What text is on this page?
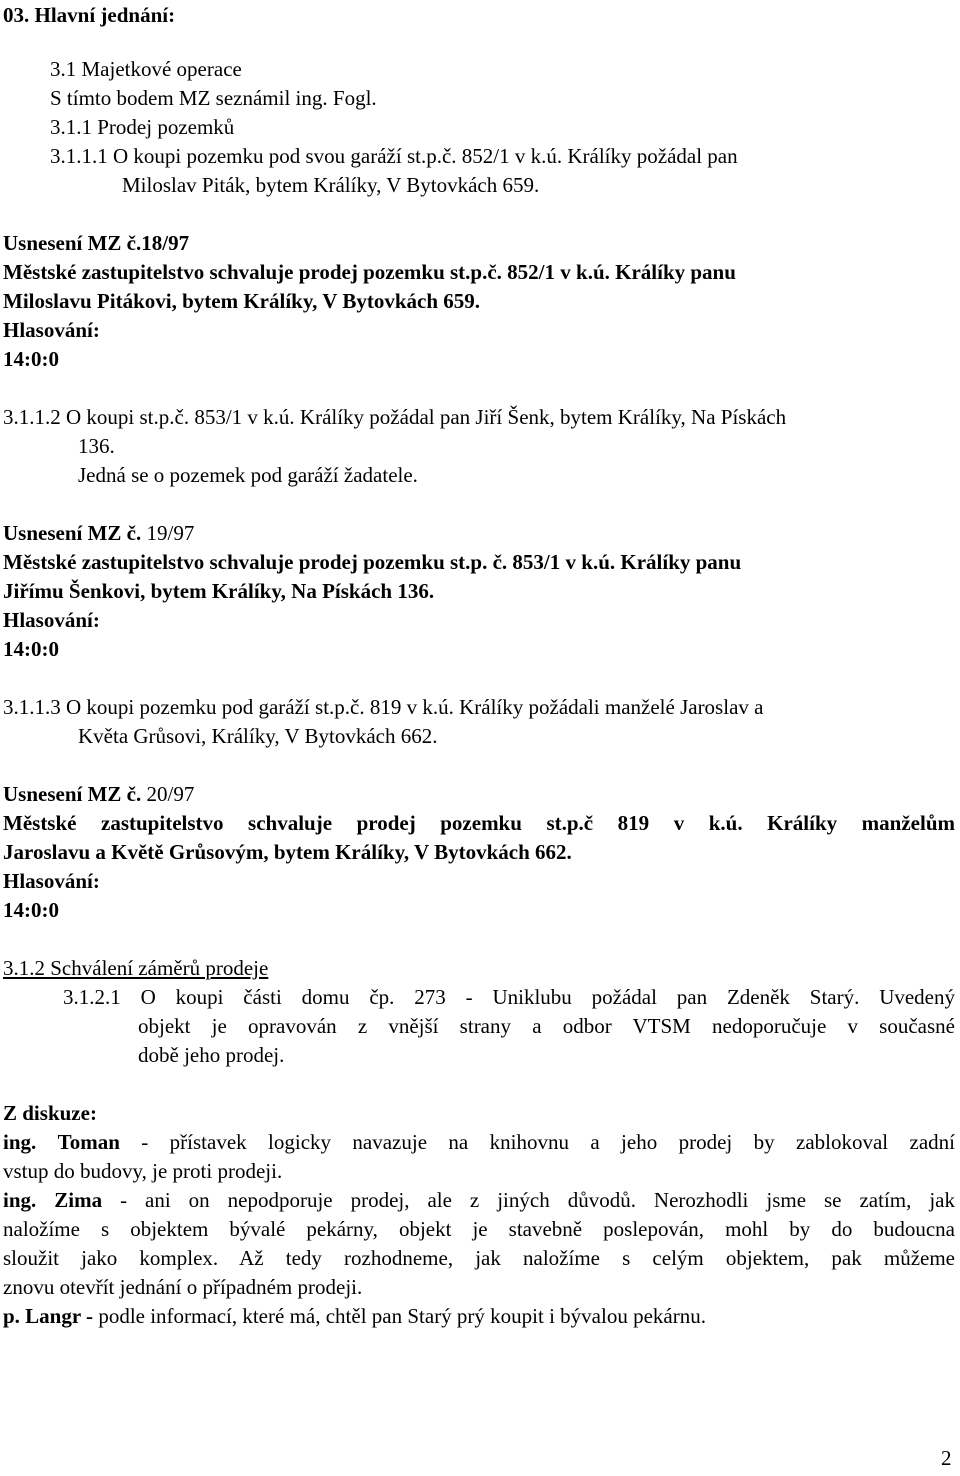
03. Hlavní jednání:
3.1 Majetkové operace
S tímto bodem MZ seznámil ing. Fogl.
3.1.1 Prodej pozemků
3.1.1.1 O koupi pozemku pod svou garáží st.p.č. 852/1 v k.ú. Králíky požádal pan
Miloslav Piták, bytem Králíky, V Bytovkách 659.
Usnesení MZ č.18/97
Městské zastupitelstvo schvaluje prodej pozemku st.p.č. 852/1 v k.ú. Králíky panu
Miloslavu Pitákovi, bytem Králíky, V Bytovkách 659.
Hlasování:
14:0:0
3.1.1.2 O koupi st.p.č. 853/1 v k.ú. Králíky požádal pan Jiří Šenk, bytem Králíky, Na Pískách
136.
Jedná se o pozemek pod garáží žadatele.
Usnesení MZ č. 19/97
Městské zastupitelstvo schvaluje prodej pozemku st.p. č. 853/1 v k.ú. Králíky panu
Jiřímu Šenkovi, bytem Králíky, Na Pískách 136.
Hlasování:
14:0:0
3.1.1.3 O koupi pozemku pod garáží st.p.č. 819 v k.ú. Králíky požádali manželé Jaroslav a
Květa Grůsovi, Králíky, V Bytovkách 662.
Usnesení MZ č. 20/97
Městské zastupitelstvo schvaluje prodej pozemku st.p.č 819 v k.ú. Králíky manželům
Jaroslavu a Květě Grůsovým, bytem Králíky, V Bytovkách 662.
Hlasování:
14:0:0
3.1.2 Schválení záměrů prodeje
3.1.2.1 O koupi části domu čp. 273 - Uniklubu požádal pan Zdeněk Starý. Uvedený
objekt je opravován z vnější strany a odbor VTSM nedoporučuje v současné
době jeho prodej.
Z diskuze:
ing. Toman - přístavek logicky navazuje na knihovnu a jeho prodej by zablokoval zadní
vstup do budovy, je proti prodeji.
ing. Zima - ani on nepodporuje prodej, ale z jiných důvodů. Nerozhodli jsme se zatím, jak
naložíme s objektem bývalé pekárny, objekt je stavebně poslepován, mohl by do budoucna
sloužit jako komplex. Až tedy rozhodneme, jak naložíme s celým objektem, pak můžeme
znovu otevřít jednání o případném prodeji.
p. Langr - podle informací, které má, chtěl pan Starý prý koupit i bývalou pekárnu.
2
